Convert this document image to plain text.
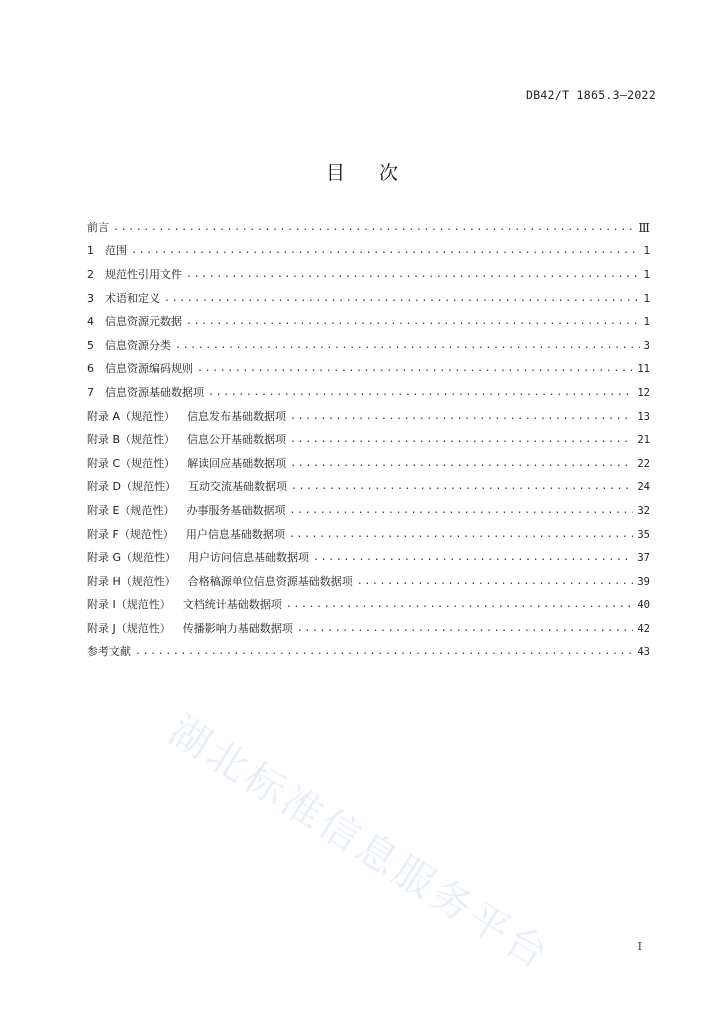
DB42/T 1865.3—2022
目次
前言 .....	Ⅲ
1	范围 .....	1
2	规范性引用文件 .....	1
3	术语和定义 .....	1
4	信息资源元数据 .....	1
5	信息资源分类 .....	3
6	信息资源编码规则 .....	11
7	信息资源基础数据项 .....	12
附录 A（规范性） 信息发布基础数据项 .....	13
附录 B（规范性） 信息公开基础数据项 .....	21
附录 C（规范性） 解读回应基础数据项 .....	22
附录 D（规范性） 互动交流基础数据项 .....	24
附录 E（规范性） 办事服务基础数据项 .....	32
附录 F（规范性） 用户信息基础数据项 .....	35
附录 G（规范性） 用户访问信息基础数据项 .....	37
附录 H（规范性） 合格稿源单位信息资源基础数据项 .....	39
附录 I（规范性） 文档统计基础数据项 .....	40
附录 J（规范性） 传播影响力基础数据项 .....	42
参考文献 .....	43
湖北标准信息服务平台	I
